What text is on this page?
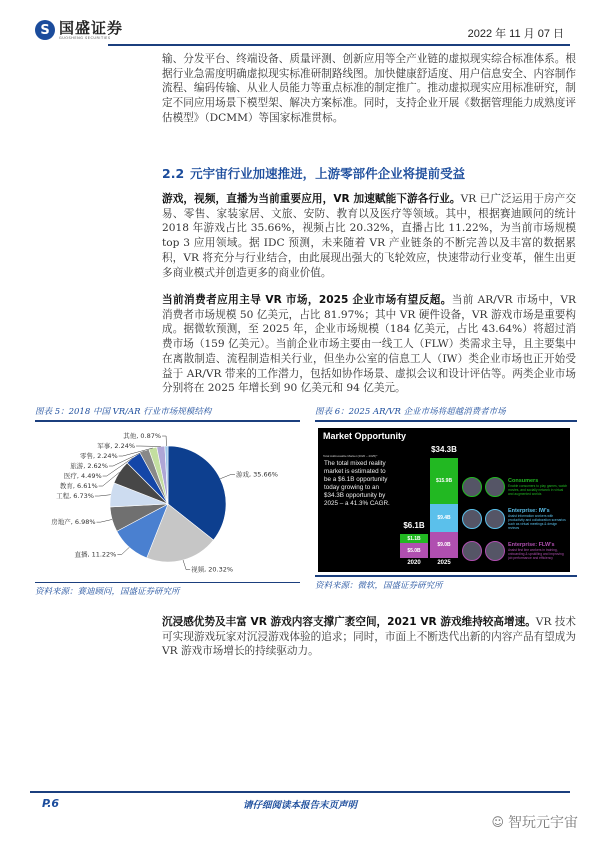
S 国盛证券
GUOSHENG SECURITIES	2022 年 11 月 07 日
输、分发平台、终端设备、质量评测、创新应用等全产业链的虚拟现实综合标准体系。根据行业急需度明确虚拟现实标准研制路线图。加快健康舒适度、用户信息安全、内容制作流程、编码传输、从业人员能力等重点标准的制定推广。推动虚拟现实应用标准研究，制定不同应用场景下模型架、解决方案标准。同时，支持企业开展《数据管理能力成熟度评估模型》（DCMM）等国家标准贯标。
2.2 元宇宙行业加速推进，上游零部件企业将提前受益
游戏，视频，直播为当前重要应用，VR 加速赋能下游各行业。VR 已广泛运用于房产交易、零售、家装家居、文旅、安防、教育以及医疗等领域。其中，根据赛迪顾问的统计 2018 年游戏占比 35.66%，视频占比 20.32%，直播占比 11.22%，为当前市场规模 top 3 应用领域。据 IDC 预测，未来随着 VR 产业链条的不断完善以及丰富的数据累积，VR 将充分与行业结合，由此展现出强大的飞轮效应，快速带动行业变革，催生出更多商业模式并创造更多的商业价值。
当前消费者应用主导 VR 市场，2025 企业市场有望反超。当前 AR/VR 市场中，VR 消费者市场规模 50 亿美元，占比 81.97%；其中 VR 硬件设备，VR 游戏市场是重要构成。据微软预测，至 2025 年，企业市场规模（184 亿美元，占比 43.64%）将超过消费市场（159 亿美元）。当前企业市场主要由一线工人（FLW）类需求主导，且主要集中在离散制造、流程制造相关行业，但坐办公室的信息工人（IW）类企业市场也正开始受益于 AR/VR 带来的工作潜力，包括如协作场景、虚拟会议和设计评估等。两类企业市场分别将在 2025 年增长到 90 亿美元和 94 亿美元。
图表 5：2018 中国 VR/AR 行业市场规模结构
游戏, 35.66%
视频, 20.32%
直播, 11.22%
房地产, 6.98%
工程, 6.73%
教育, 6.61%
医疗, 4.49%
旅游, 2.62%
零售, 2.24%
军事, 2.24%
其他, 0.87%
资料来源：赛迪顾问，国盛证券研究所
图表 6：2025 AR/VR 企业市场将超越消费者市场
Market Opportunity
Total Addressable Market (2020 – 2025)*
The total mixed reality market is estimated to be a $6.1B opportunity today growing to an $34.3B opportunity by 2025 – a 41.3% CAGR.
$5.0B
$1.1B
$6.1B
2020
$9.0B
$9.4B
$15.9B
$34.3B
2025
Consumers
Enable consumers to play games, watch movies, and socially network in virtual and augmented worlds
Enterprise: IW's
Assist information workers with productivity and collaboration scenarios such as virtual meetings & design reviews
Enterprise: FLW's
Assist first line workers in training, onboarding & upskilling and improving job performance and efficiency
资料来源：微软，国盛证券研究所
沉浸感优势及丰富 VR 游戏内容支撑广袤空间，2021 VR 游戏维持较高增速。VR 技术可实现游戏玩家对沉浸游戏体验的追求；同时，市面上不断迭代出新的内容产品有望成为 VR 游戏市场增长的持续驱动力。
P.6	请仔细阅读本报告末页声明
☺ 智玩元宇宙
